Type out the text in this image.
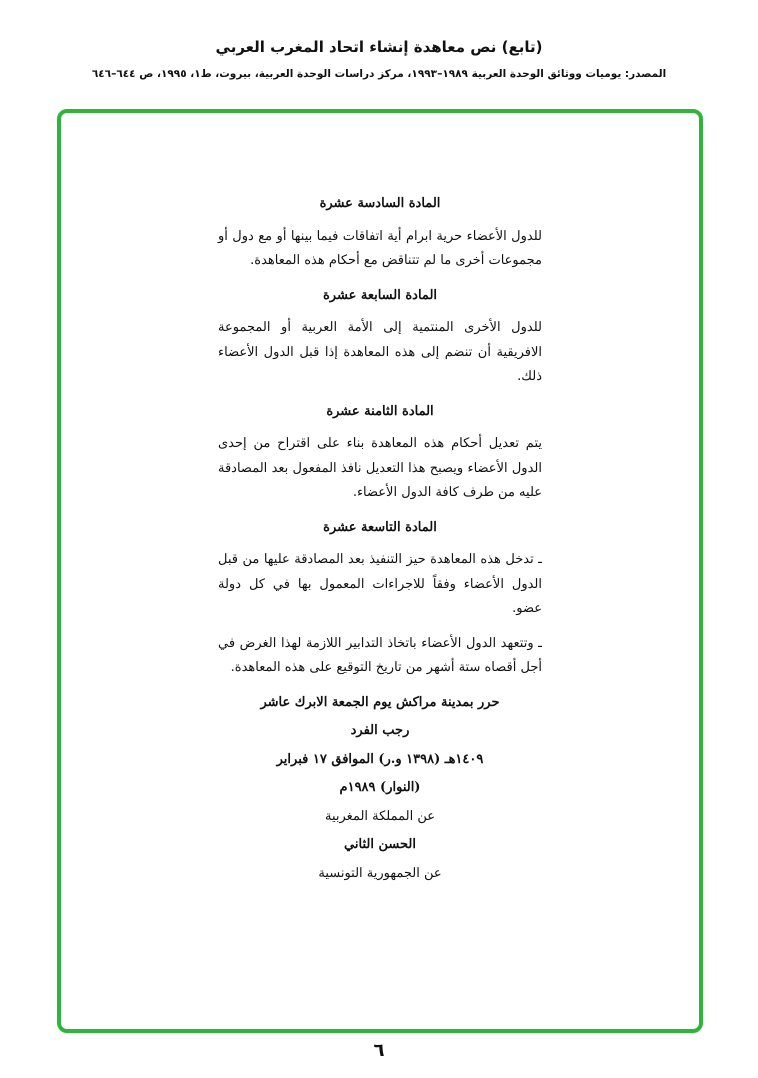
(تابع) نص معاهدة إنشاء اتحاد المغرب العربي
المصدر: يوميات ووثائق الوحدة العربية ١٩٨٩–١٩٩٣، مركز دراسات الوحدة العربية، بيروت، ط١، ١٩٩٥، ص ٦٤٤–٦٤٦

المادة السادسة عشرة

للدول الأعضاء حرية ابرام أية اتفاقات فيما بينها أو مع دول أو مجموعات أخرى ما لم تتناقض مع أحكام هذه المعاهدة.

المادة السابعة عشرة

للدول الأخرى المنتمية إلى الأمة العربية أو المجموعة الافريقية أن تنضم إلى هذه المعاهدة إذا قبل الدول الأعضاء ذلك.

المادة الثامنة عشرة

يتم تعديل أحكام هذه المعاهدة بناء على اقتراح من إحدى الدول الأعضاء ويصبح هذا التعديل نافذ المفعول بعد المصادقة عليه من طرف كافة الدول الأعضاء.

المادة التاسعة عشرة

ـ تدخل هذه المعاهدة حيز التنفيذ بعد المصادقة عليها من قبل الدول الأعضاء وفقاً للاجراءات المعمول بها في كل دولة عضو.

ـ وتتعهد الدول الأعضاء باتخاذ التدابير اللازمة لهذا الغرض في أجل أقصاه ستة أشهر من تاريخ التوقيع على هذه المعاهدة.

حرر بمدينة مراكش يوم الجمعة الابرك عاشر

رجب الفرد

١٤٠٩هـ (١٣٩٨ و.ر) الموافق ١٧ فبراير

(النوار) ١٩٨٩م

عن المملكة المغربية

الحسن الثاني

عن الجمهورية التونسية

٦
